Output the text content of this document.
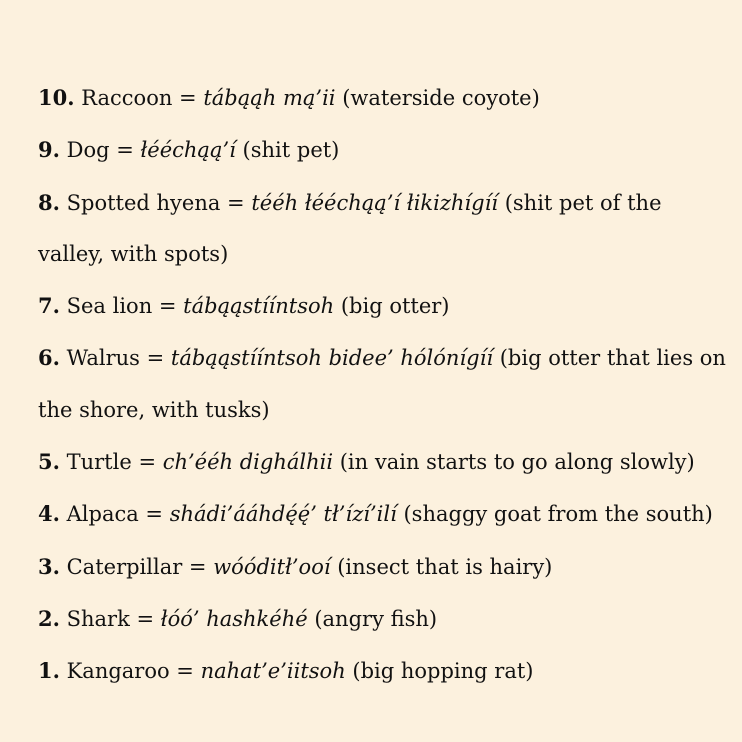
10. Raccoon = tábąąh mą’ii (waterside coyote)

9. Dog = łééchąą’í (shit pet)

8. Spotted hyena = tééh łééchąą’í łikizhígíí (shit pet of the valley, with spots)

7. Sea lion = tábąąstííntsoh (big otter)

6. Walrus = tábąąstííntsoh bidee’ hólónígíí (big otter that lies on the shore, with tusks)

5. Turtle = ch’ééh dighálhii (in vain starts to go along slowly)

4. Alpaca = shádi’ááhdę́ę́’ tł’ízí’ilí (shaggy goat from the south)

3. Caterpillar = wóóditł’ooí (insect that is hairy)

2. Shark = łóó’ hashkéhé (angry fish)

1. Kangaroo = nahat’e’iitsoh (big hopping rat)
